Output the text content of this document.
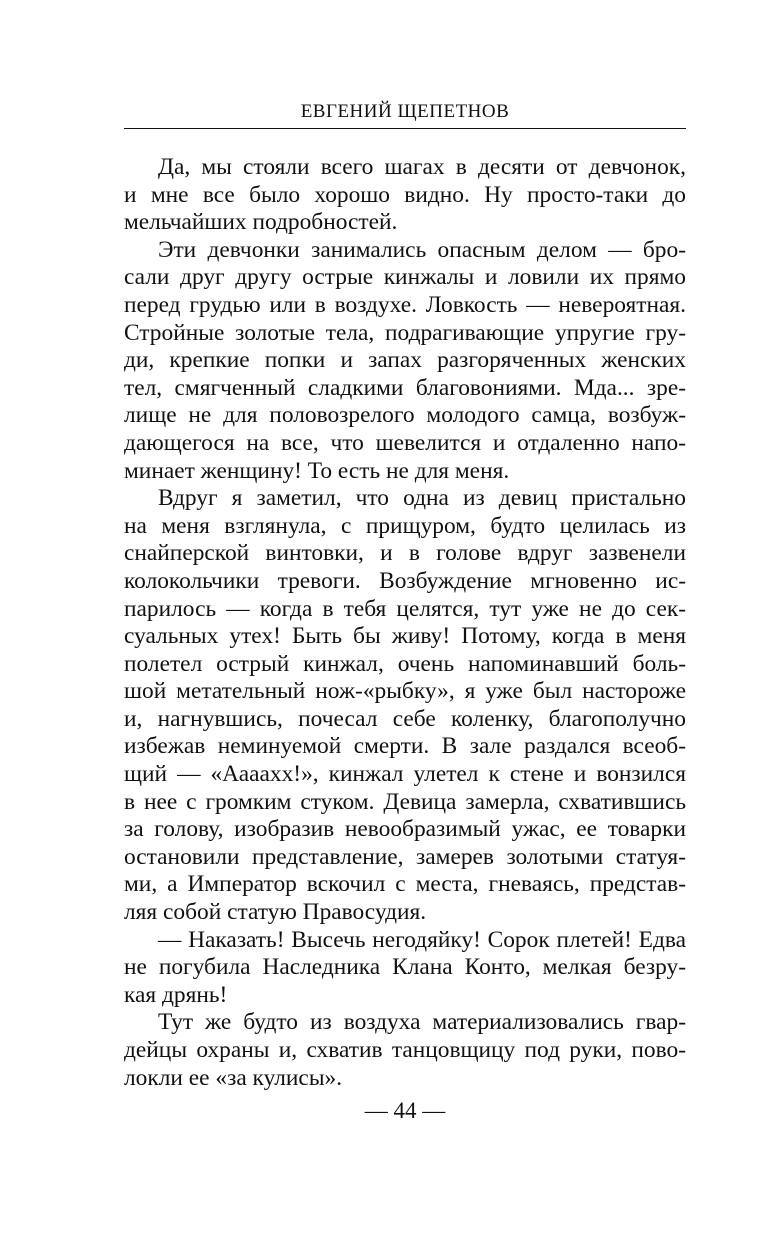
ЕВГЕНИЙ ЩЕПЕТНОВ

Да, мы стояли всего шагах в десяти от девчонок,
и мне все было хорошо видно. Ну просто-таки до
мельчайших подробностей.

Эти девчонки занимались опасным делом — бро-
сали друг другу острые кинжалы и ловили их прямо
перед грудью или в воздухе. Ловкость — невероятная.
Стройные золотые тела, подрагивающие упругие гру-
ди, крепкие попки и запах разгоряченных женских
тел, смягченный сладкими благовониями. Мда... зре-
лище не для половозрелого молодого самца, возбуж-
дающегося на все, что шевелится и отдаленно напо-
минает женщину! То есть не для меня.

Вдруг я заметил, что одна из девиц пристально
на меня взглянула, с прищуром, будто целилась из
снайперской винтовки, и в голове вдруг зазвенели
колокольчики тревоги. Возбуждение мгновенно ис-
парилось — когда в тебя целятся, тут уже не до сек-
суальных утех! Быть бы живу! Потому, когда в меня
полетел острый кинжал, очень напоминавший боль-
шой метательный нож-«рыбку», я уже был настороже
и, нагнувшись, почесал себе коленку, благополучно
избежав неминуемой смерти. В зале раздался всеоб-
щий — «Аааахх!», кинжал улетел к стене и вонзился
в нее с громким стуком. Девица замерла, схватившись
за голову, изобразив невообразимый ужас, ее товарки
остановили представление, замерев золотыми статуя-
ми, а Император вскочил с места, гневаясь, представ-
ляя собой статую Правосудия.

— Наказать! Высечь негодяйку! Сорок плетей! Едва
не погубила Наследника Клана Конто, мелкая безру-
кая дрянь!

Тут же будто из воздуха материализовались гвар-
дейцы охраны и, схватив танцовщицу под руки, пово-
локли ее «за кулисы».

— 44 —
